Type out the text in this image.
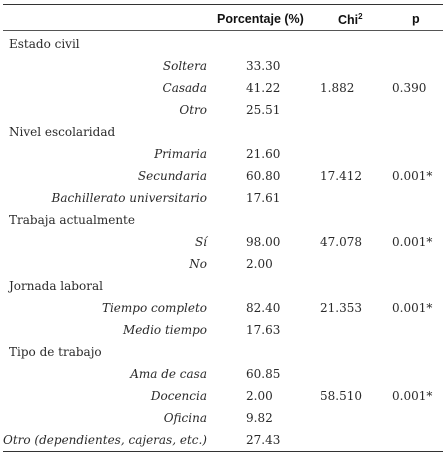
Porcentaje (%)	Chi$^2$	p
Estado civil
Soltera	33.30
Casada	41.22	1.882	0.390
Otro	25.51
Nivel escolaridad
Primaria	21.60
Secundaria	60.80	17.412	0.001*
Bachillerato universitario	17.61
Trabaja actualmente
Sí	98.00	47.078	0.001*
No	2.00
Jornada laboral
Tiempo completo	82.40	21.353	0.001*
Medio tiempo	17.63
Tipo de trabajo
Ama de casa	60.85
Docencia	2.00	58.510	0.001*
Oficina	9.82
Otro (dependientes, cajeras, etc.)	27.43
